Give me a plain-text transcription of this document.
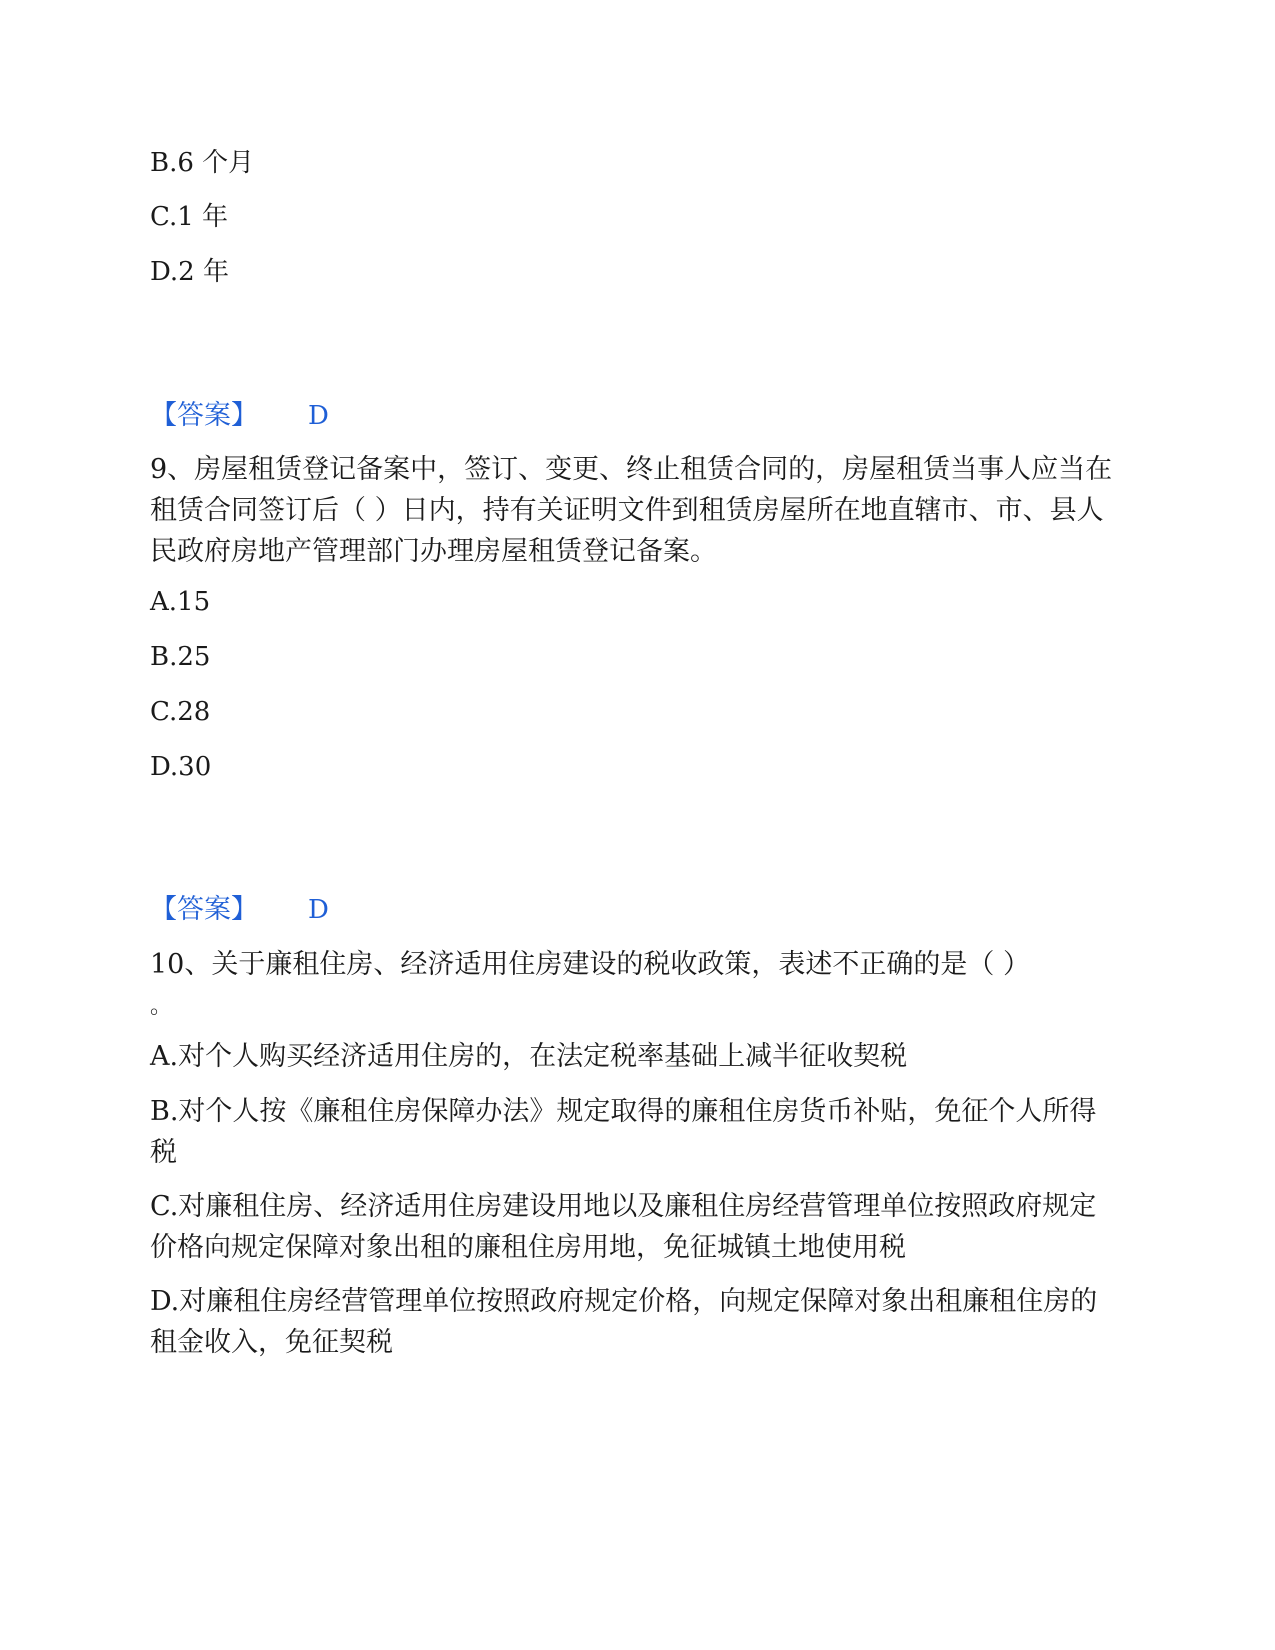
B.6 个月

C.1 年

D.2 年

【答案】 D

9、房屋租赁登记备案中，签订、变更、终止租赁合同的，房屋租赁当事人应当在租赁合同签订后（ ）日内，持有关证明文件到租赁房屋所在地直辖市、市、县人民政府房地产管理部门办理房屋租赁登记备案。

A.15

B.25

C.28

D.30

【答案】 D

10、关于廉租住房、经济适用住房建设的税收政策，表述不正确的是（ ）

。

A.对个人购买经济适用住房的，在法定税率基础上减半征收契税

B.对个人按《廉租住房保障办法》规定取得的廉租住房货币补贴，免征个人所得税

C.对廉租住房、经济适用住房建设用地以及廉租住房经营管理单位按照政府规定价格向规定保障对象出租的廉租住房用地，免征城镇土地使用税

D.对廉租住房经营管理单位按照政府规定价格，向规定保障对象出租廉租住房的租金收入，免征契税
